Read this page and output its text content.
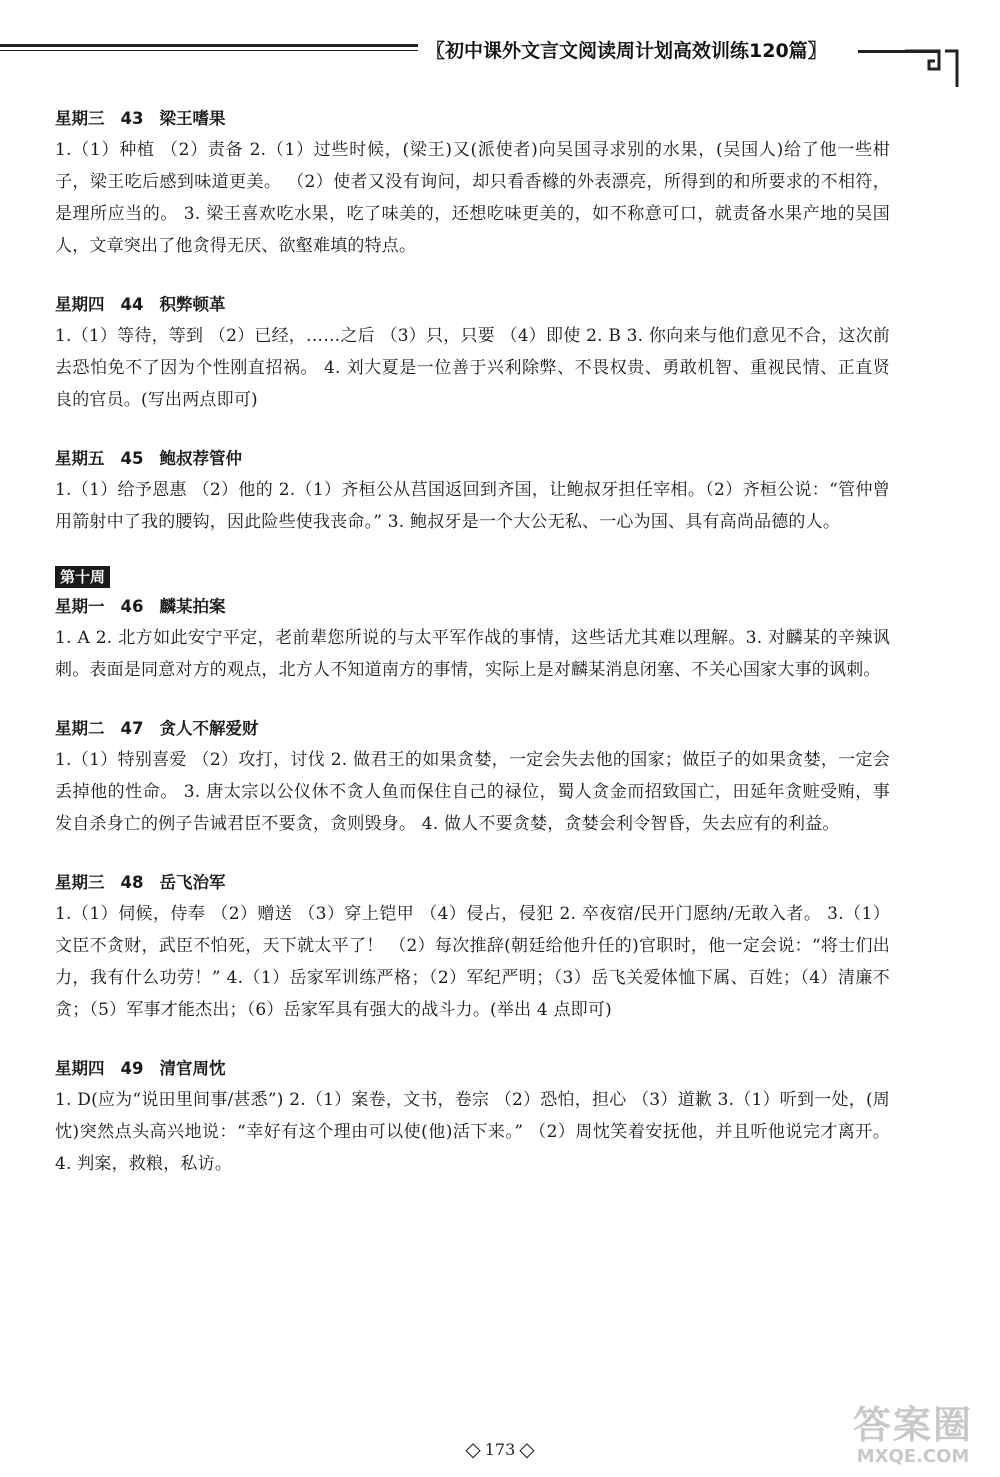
〖初中课外文言文阅读周计划高效训练120篇〗
星期三 43 梁王嗜果
1.（1）种植 （2）责备 2.（1）过些时候，(梁王)又(派使者)向吴国寻求别的水果，(吴国人)给了他一些柑子，梁王吃后感到味道更美。 （2）使者又没有询问，却只看香橼的外表漂亮，所得到的和所要求的不相符，是理所应当的。 3. 梁王喜欢吃水果，吃了味美的，还想吃味更美的，如不称意可口，就责备水果产地的吴国人，文章突出了他贪得无厌、欲壑难填的特点。
星期四 44 积弊顿革
1.（1）等待，等到 （2）已经，……之后 （3）只，只要 （4）即使 2. B 3. 你向来与他们意见不合，这次前去恐怕免不了因为个性刚直招祸。 4. 刘大夏是一位善于兴利除弊、不畏权贵、勇敢机智、重视民情、正直贤良的官员。(写出两点即可)
星期五 45 鲍叔荐管仲
1.（1）给予恩惠 （2）他的 2.（1）齐桓公从莒国返回到齐国，让鲍叔牙担任宰相。（2）齐桓公说：“管仲曾用箭射中了我的腰钩，因此险些使我丧命。” 3. 鲍叔牙是一个大公无私、一心为国、具有高尚品德的人。
第十周
星期一 46 麟某拍案
1. A 2. 北方如此安宁平定，老前辈您所说的与太平军作战的事情，这些话尤其难以理解。3. 对麟某的辛辣讽刺。表面是同意对方的观点，北方人不知道南方的事情，实际上是对麟某消息闭塞、不关心国家大事的讽刺。
星期二 47 贪人不解爱财
1.（1）特别喜爱 （2）攻打，讨伐 2. 做君王的如果贪婪，一定会失去他的国家；做臣子的如果贪婪，一定会丢掉他的性命。 3. 唐太宗以公仪休不贪人鱼而保住自己的禄位，蜀人贪金而招致国亡，田延年贪赃受贿，事发自杀身亡的例子告诫君臣不要贪，贪则毁身。 4. 做人不要贪婪，贪婪会利令智昏，失去应有的利益。
星期三 48 岳飞治军
1.（1）伺候，侍奉 （2）赠送 （3）穿上铠甲 （4）侵占，侵犯 2. 卒夜宿/民开门愿纳/无敢入者。 3.（1）文臣不贪财，武臣不怕死，天下就太平了！ （2）每次推辞(朝廷给他升任的)官职时，他一定会说：“将士们出力，我有什么功劳！” 4.（1）岳家军训练严格；（2）军纪严明；（3）岳飞关爱体恤下属、百姓；（4）清廉不贪；（5）军事才能杰出；（6）岳家军具有强大的战斗力。(举出 4 点即可)
星期四 49 清官周忱
1. D(应为“说田里间事/甚悉”) 2.（1）案卷，文书，卷宗 （2）恐怕，担心 （3）道歉 3.（1）听到一处，(周忱)突然点头高兴地说：“幸好有这个理由可以使(他)活下来。” （2）周忱笑着安抚他，并且听他说完才离开。 4. 判案，救粮，私访。
◇ 173 ◇
答案圈
MXQE.COM
